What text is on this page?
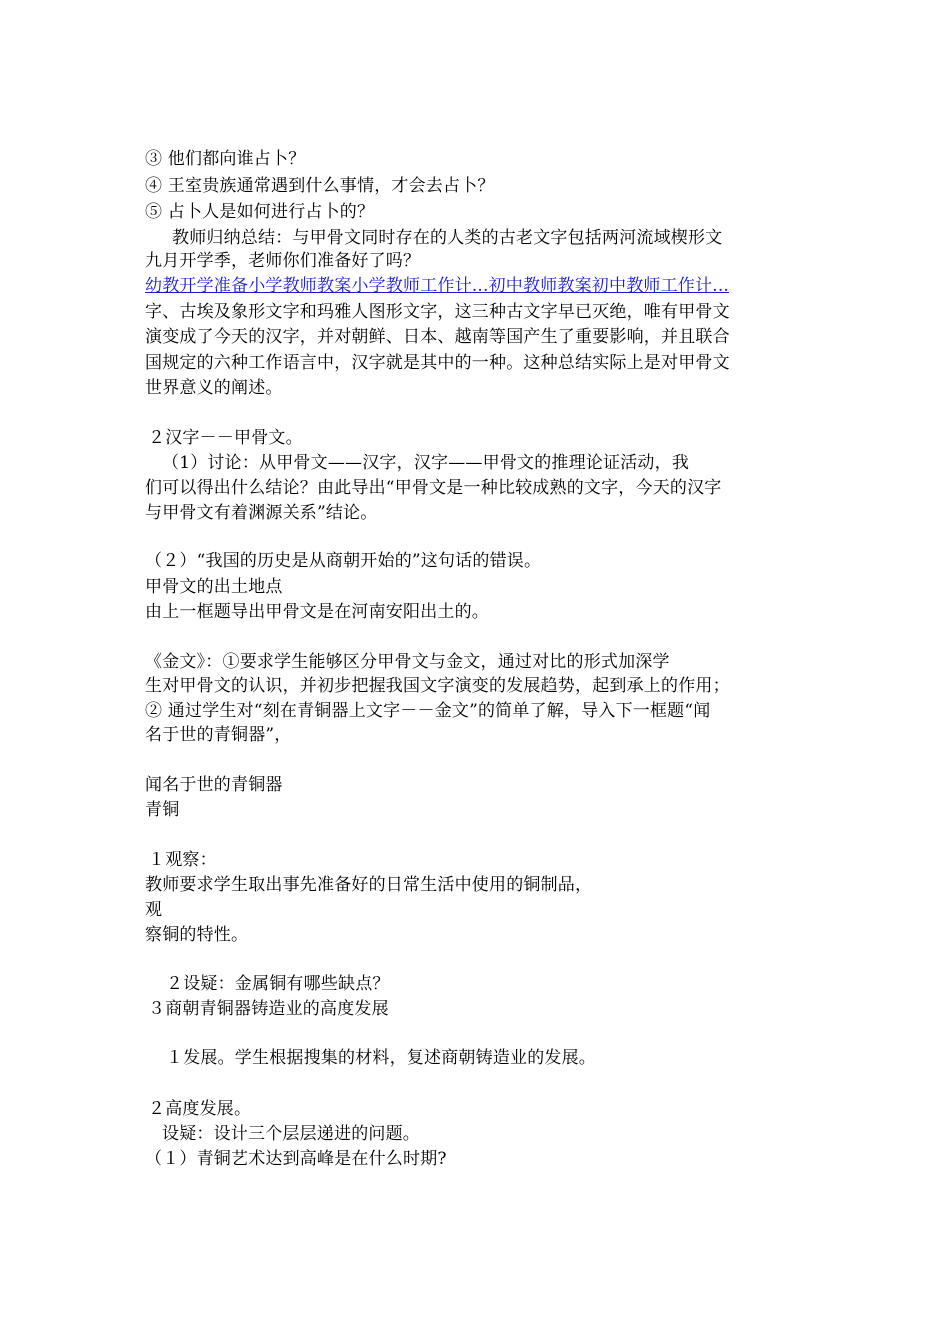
③ 他们都向谁占卜？
④ 王室贵族通常遇到什么事情，才会去占卜？
⑤ 占卜人是如何进行占卜的？
教师归纳总结：与甲骨文同时存在的人类的古老文字包括两河流域楔形文
九月开学季，老师你们准备好了吗？
幼教开学准备小学教师教案小学教师工作计...初中教师教案初中教师工作计...
字、古埃及象形文字和玛雅人图形文字，这三种古文字早已灭绝，唯有甲骨文
演变成了今天的汉字，并对朝鲜、日本、越南等国产生了重要影响，并且联合
国规定的六种工作语言中，汉字就是其中的一种。这种总结实际上是对甲骨文
世界意义的阐述。
２汉字－－甲骨文。
（1）讨论：从甲骨文——汉字，汉字——甲骨文的推理论证活动，我
们可以得出什么结论？由此导出“甲骨文是一种比较成熟的文字，今天的汉字
与甲骨文有着渊源关系”结论。
（２）“我国的历史是从商朝开始的”这句话的错误。
甲骨文的出土地点
由上一框题导出甲骨文是在河南安阳出土的。
《金文》：①要求学生能够区分甲骨文与金文，通过对比的形式加深学
生对甲骨文的认识，并初步把握我国文字演变的发展趋势，起到承上的作用；
② 通过学生对“刻在青铜器上文字－－金文”的简单了解，导入下一框题“闻
名于世的青铜器”，
闻名于世的青铜器
青铜
１观察：
教师要求学生取出事先准备好的日常生活中使用的铜制品，
观
察铜的特性。
２设疑：金属铜有哪些缺点？
３商朝青铜器铸造业的高度发展
１发展。学生根据搜集的材料，复述商朝铸造业的发展。
２高度发展。
设疑：设计三个层层递进的问题。
（１）青铜艺术达到高峰是在什么时期?
